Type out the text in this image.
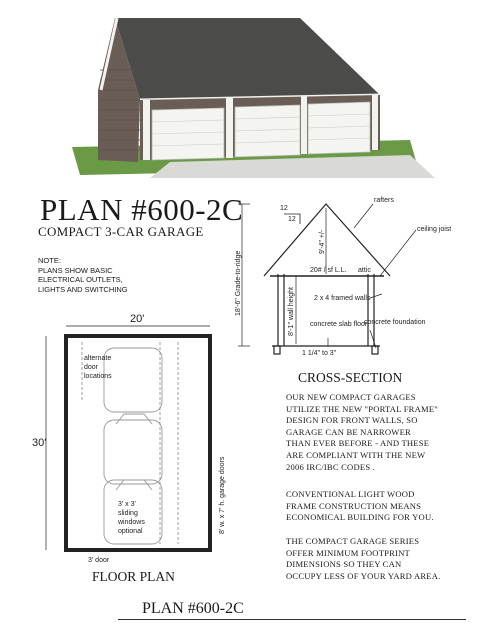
PLAN #600-2C
COMPACT 3-CAR GARAGE
NOTE:
PLANS SHOW BASIC
ELECTRICAL OUTLETS,
LIGHTS AND SWITCHING
12
12
rafters
ceiling joist
9'-4" +/-
20# / sf L.L. attic
18'-6" Grade-to-ridge	8'-1" wall height	2 x 4 framed walls
concrete slab floor
concrete foundation
1 1/4" to 3"
CROSS-SECTION
20'
30'
8' w. x 7' h. garage doors
alternate
door
locations
3' x 3'
sliding
windows
optional
3' door
FLOOR PLAN
OUR NEW COMPACT GARAGES
UTILIZE THE NEW "PORTAL FRAME"
DESIGN FOR FRONT WALLS, SO
GARAGE CAN BE NARROWER
THAN EVER BEFORE - AND THESE
ARE COMPLIANT WITH THE NEW
2006 IRC/IBC CODES .
CONVENTIONAL LIGHT WOOD
FRAME CONSTRUCTION MEANS
ECONOMICAL BUILDING FOR YOU.
THE COMPACT GARAGE SERIES
OFFER MINIMUM FOOTPRINT
DIMENSIONS SO THEY CAN
OCCUPY LESS OF YOUR YARD AREA.
PLAN #600-2C
